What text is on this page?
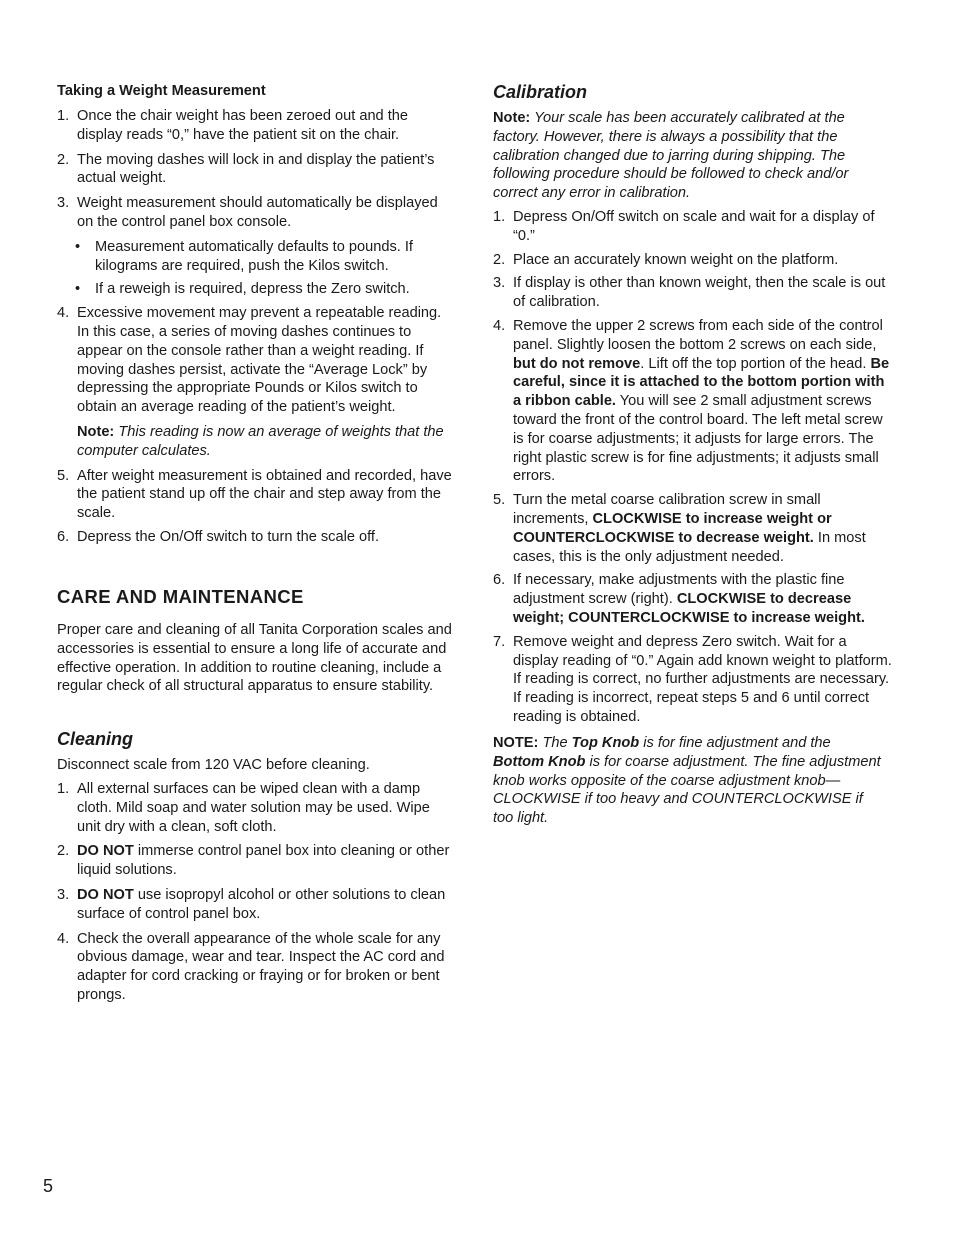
Taking a Weight Measurement
1. Once the chair weight has been zeroed out and the display reads “0,” have the patient sit on the chair.
2. The moving dashes will lock in and display the patient’s actual weight.
3. Weight measurement should automatically be displayed on the control panel box console.
• Measurement automatically defaults to pounds. If kilograms are required, push the Kilos switch.
• If a reweigh is required, depress the Zero switch.
4. Excessive movement may prevent a repeatable reading. In this case, a series of moving dashes continues to appear on the console rather than a weight reading. If moving dashes persist, activate the “Average Lock” by depressing the appropriate Pounds or Kilos switch to obtain an average reading of the patient’s weight.
Note: This reading is now an average of weights that the computer calculates.
5. After weight measurement is obtained and recorded, have the patient stand up off the chair and step away from the scale.
6. Depress the On/Off switch to turn the scale off.
CARE AND MAINTENANCE

Proper care and cleaning of all Tanita Corporation scales and accessories is essential to ensure a long life of accurate and effective operation. In addition to routine cleaning, include a regular check of all structural apparatus to ensure stability.

Cleaning

Disconnect scale from 120 VAC before cleaning.

1. All external surfaces can be wiped clean with a damp cloth. Mild soap and water solution may be used. Wipe unit dry with a clean, soft cloth.
2. DO NOT immerse control panel box into cleaning or other liquid solutions.
3. DO NOT use isopropyl alcohol or other solutions to clean surface of control panel box.
4. Check the overall appearance of the whole scale for any obvious damage, wear and tear. Inspect the AC cord and adapter for cord cracking or fraying or for broken or bent prongs.
Calibration

Note: Your scale has been accurately calibrated at the factory. However, there is always a possibility that the calibration changed due to jarring during shipping. The following procedure should be followed to check and/or correct any error in calibration.

1. Depress On/Off switch on scale and wait for a display of “0.”
2. Place an accurately known weight on the platform.
3. If display is other than known weight, then the scale is out of calibration.
4. Remove the upper 2 screws from each side of the control panel. Slightly loosen the bottom 2 screws on each side, but do not remove. Lift off the top portion of the head. Be careful, since it is attached to the bottom portion with a ribbon cable. You will see 2 small adjustment screws toward the front of the control board. The left metal screw is for coarse adjustments; it adjusts for large errors. The right plastic screw is for fine adjustments; it adjusts small errors.
5. Turn the metal coarse calibration screw in small increments, CLOCKWISE to increase weight or COUNTERCLOCKWISE to decrease weight. In most cases, this is the only adjustment needed.
6. If necessary, make adjustments with the plastic fine adjustment screw (right). CLOCKWISE to decrease weight; COUNTERCLOCKWISE to increase weight.
7. Remove weight and depress Zero switch. Wait for a display reading of “0.” Again add known weight to platform. If reading is correct, no further adjustments are necessary. If reading is incorrect, repeat steps 5 and 6 until correct reading is obtained.

NOTE: The Top Knob is for fine adjustment and the Bottom Knob is for coarse adjustment. The fine adjustment knob works opposite of the coarse adjustment knob—CLOCKWISE if too heavy and COUNTERCLOCKWISE if too light.

5
